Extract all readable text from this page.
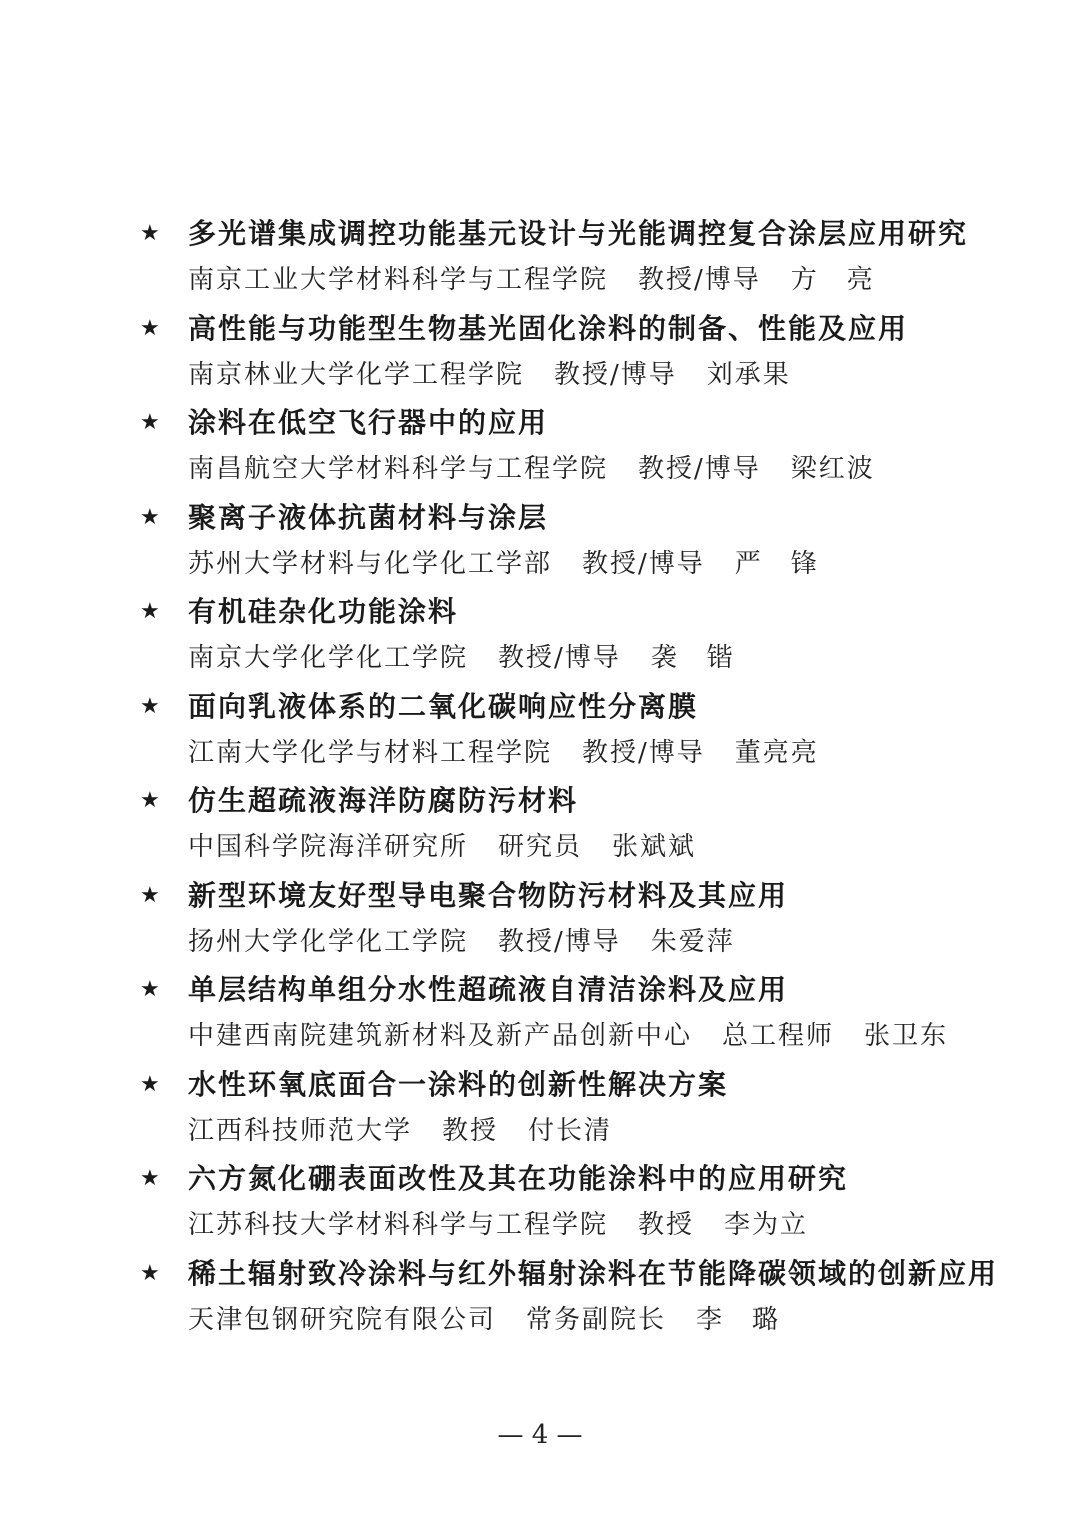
★ 多光谱集成调控功能基元设计与光能调控复合涂层应用研究
南京工业大学材料科学与工程学院 教授/博导 方　亮
★ 高性能与功能型生物基光固化涂料的制备、性能及应用
南京林业大学化学工程学院 教授/博导 刘承果
★ 涂料在低空飞行器中的应用
南昌航空大学材料科学与工程学院 教授/博导 梁红波
★ 聚离子液体抗菌材料与涂层
苏州大学材料与化学化工学部 教授/博导 严　锋
★ 有机硅杂化功能涂料
南京大学化学化工学院 教授/博导 袭　锴
★ 面向乳液体系的二氧化碳响应性分离膜
江南大学化学与材料工程学院 教授/博导 董亮亮
★ 仿生超疏液海洋防腐防污材料
中国科学院海洋研究所 研究员 张斌斌
★ 新型环境友好型导电聚合物防污材料及其应用
扬州大学化学化工学院 教授/博导 朱爱萍
★ 单层结构单组分水性超疏液自清洁涂料及应用
中建西南院建筑新材料及新产品创新中心 总工程师 张卫东
★ 水性环氧底面合一涂料的创新性解决方案
江西科技师范大学 教授 付长清
★ 六方氮化硼表面改性及其在功能涂料中的应用研究
江苏科技大学材料科学与工程学院 教授 李为立
★ 稀土辐射致冷涂料与红外辐射涂料在节能降碳领域的创新应用
天津包钢研究院有限公司 常务副院长 李　璐
— 4 —
